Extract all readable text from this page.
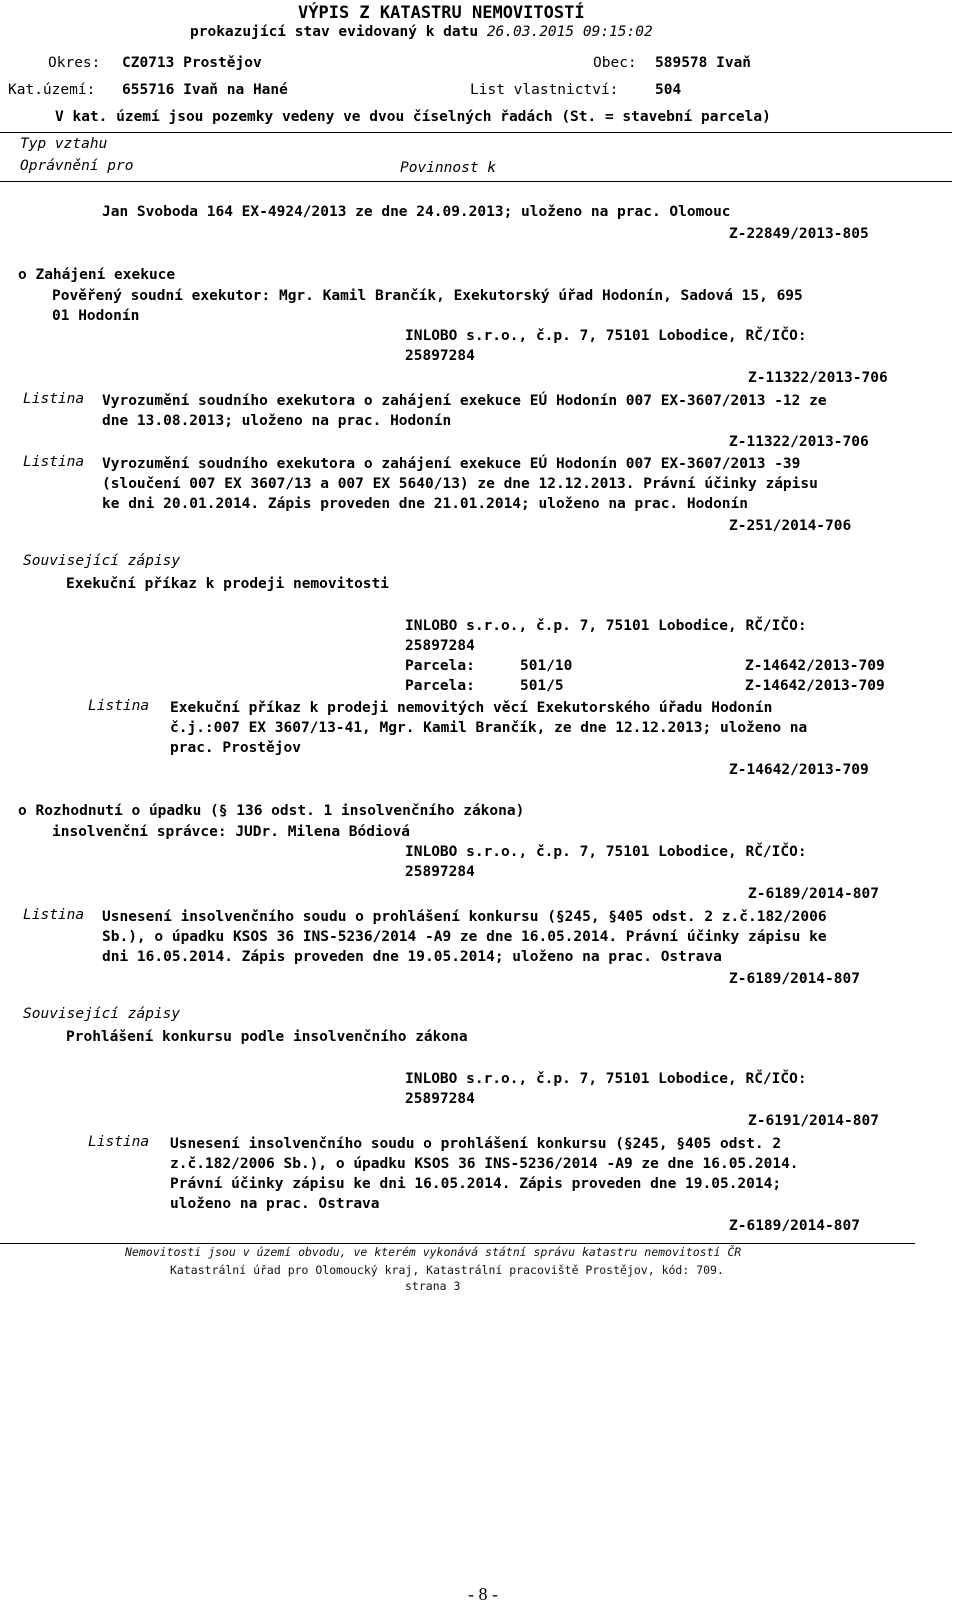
VÝPIS Z KATASTRU NEMOVITOSTÍ
prokazující stav evidovaný k datu 26.03.2015 09:15:02
Okres: CZ0713 Prostějov	Obec: 589578 Ivaň
Kat.území: 655716 Ivaň na Hané	List vlastnictví:	504
V kat. území jsou pozemky vedeny ve dvou číselných řadách (St. = stavební parcela)
Typ vztahu
Oprávnění pro	Povinnost k
Jan Svoboda 164 EX-4924/2013 ze dne 24.09.2013; uloženo na prac. Olomouc
Z-22849/2013-805
o Zahájení exekuce
Pověřený soudní exekutor: Mgr. Kamil Brančík, Exekutorský úřad Hodonín, Sadová 15, 695
01 Hodonín
INLOBO s.r.o., č.p. 7, 75101 Lobodice, RČ/IČO:
25897284
Z-11322/2013-706
Listina Vyrozumění soudního exekutora o zahájení exekuce EÚ Hodonín 007 EX-3607/2013 -12 ze
dne 13.08.2013; uloženo na prac. Hodonín
Z-11322/2013-706
Listina Vyrozumění soudního exekutora o zahájení exekuce EÚ Hodonín 007 EX-3607/2013 -39
(sloučení 007 EX 3607/13 a 007 EX 5640/13) ze dne 12.12.2013. Právní účinky zápisu
ke dni 20.01.2014. Zápis proveden dne 21.01.2014; uloženo na prac. Hodonín
Z-251/2014-706
Související zápisy
Exekuční příkaz k prodeji nemovitosti
INLOBO s.r.o., č.p. 7, 75101 Lobodice, RČ/IČO:
25897284
Parcela:	501/10	Z-14642/2013-709
Parcela:	501/5	Z-14642/2013-709
Listina Exekuční příkaz k prodeji nemovitých věcí Exekutorského úřadu Hodonín
č.j.:007 EX 3607/13-41, Mgr. Kamil Brančík, ze dne 12.12.2013; uloženo na
prac. Prostějov
Z-14642/2013-709
o Rozhodnutí o úpadku (§ 136 odst. 1 insolvenčního zákona)
insolvenční správce: JUDr. Milena Bódiová
INLOBO s.r.o., č.p. 7, 75101 Lobodice, RČ/IČO:
25897284
Z-6189/2014-807
Listina Usnesení insolvenčního soudu o prohlášení konkursu (§245, §405 odst. 2 z.č.182/2006
Sb.), o úpadku KSOS 36 INS-5236/2014 -A9 ze dne 16.05.2014. Právní účinky zápisu ke
dni 16.05.2014. Zápis proveden dne 19.05.2014; uloženo na prac. Ostrava
Z-6189/2014-807
Související zápisy
Prohlášení konkursu podle insolvenčního zákona
INLOBO s.r.o., č.p. 7, 75101 Lobodice, RČ/IČO:
25897284
Z-6191/2014-807
Listina Usnesení insolvenčního soudu o prohlášení konkursu (§245, §405 odst. 2
z.č.182/2006 Sb.), o úpadku KSOS 36 INS-5236/2014 -A9 ze dne 16.05.2014.
Právní účinky zápisu ke dni 16.05.2014. Zápis proveden dne 19.05.2014;
uloženo na prac. Ostrava
Z-6189/2014-807
Nemovitosti jsou v území obvodu, ve kterém vykonává státní správu katastru nemovitostí ČR
Katastrální úřad pro Olomoucký kraj, Katastrální pracoviště Prostějov, kód: 709.
strana 3
- 8 -
